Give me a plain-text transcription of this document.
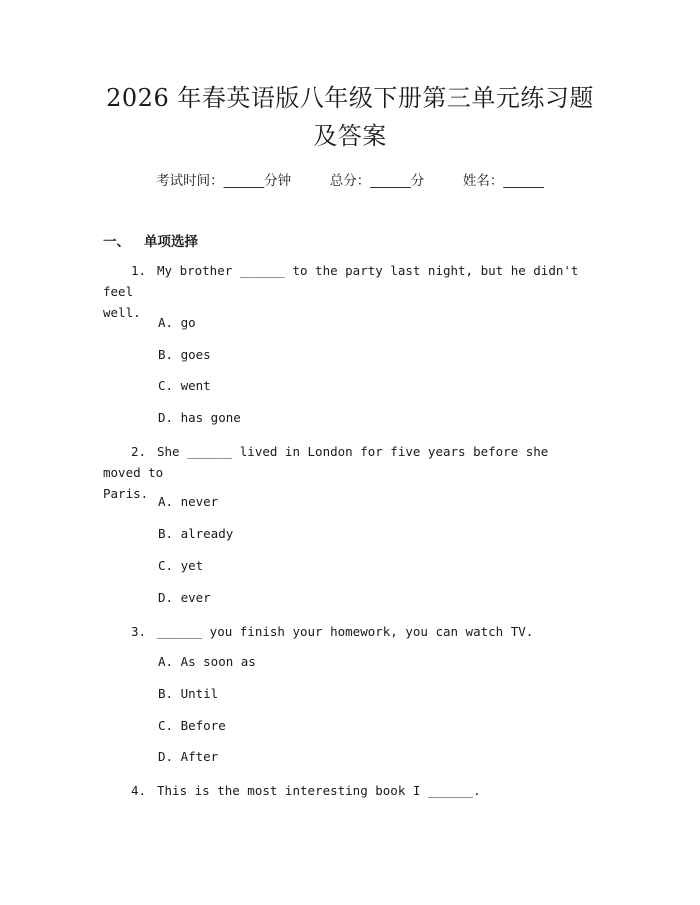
2026 年春英语版八年级下册第三单元练习题
及答案
考试时间：______分钟	总分：______分	姓名：______
一、 单项选择
1. My brother ______ to the party last night, but he didn't feel
well.
A. go
B. goes
C. went
D. has gone
2. She ______ lived in London for five years before she moved to
Paris.
A. never
B. already
C. yet
D. ever
3. ______ you finish your homework, you can watch TV.
A. As soon as
B. Until
C. Before
D. After
4. This is the most interesting book I ______.
